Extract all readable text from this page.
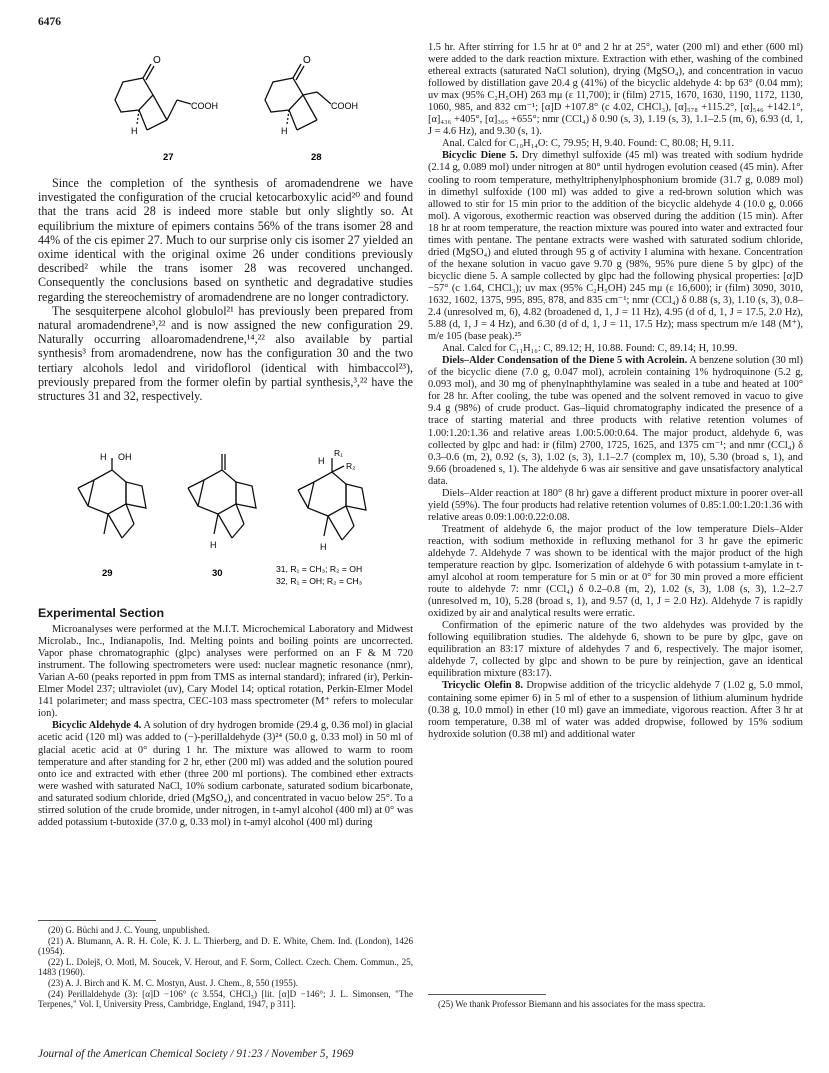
6476
O
COOH
H
27
O
COOH
H
28

Since the completion of the synthesis of aromadendrene we have investigated the configuration of the crucial ketocarboxylic acid²⁰ and found that the trans acid 28 is indeed more stable but only slightly so. At equilibrium the mixture of epimers contains 56% of the trans isomer 28 and 44% of the cis epimer 27. Much to our surprise only cis isomer 27 yielded an oxime identical with the original oxime 26 under conditions previously described² while the trans isomer 28 was recovered unchanged. Consequently the conclusions based on synthetic and degradative studies regarding the stereochemistry of aromadendrene are no longer contradictory.

The sesquiterpene alcohol globulol²¹ has previously been prepared from natural aromadendrene³,²² and is now assigned the new configuration 29. Naturally occurring alloaromadendrene,¹⁴,²² also available by partial synthesis³ from aromadendrene, now has the configuration 30 and the two tertiary alcohols ledol and viridoflorol (identical with himbaccol²³), previously prepared from the former olefin by partial synthesis,³,²² have the structures 31 and 32, respectively.

H OH
29
H
30
H
R₁
R₂
H
31, R₁ = CH₃; R₂ = OH
32, R₁ = OH; R₂ = CH₃
Experimental Section

Microanalyses were performed at the M.I.T. Microchemical Laboratory and Midwest Microlab., Inc., Indianapolis, Ind. Melting points and boiling points are uncorrected. Vapor phase chromatographic (glpc) analyses were performed on an F & M 720 instrument. The following spectrometers were used: nuclear magnetic resonance (nmr), Varian A-60 (peaks reported in ppm from TMS as internal standard); infrared (ir), Perkin-Elmer Model 237; ultraviolet (uv), Cary Model 14; optical rotation, Perkin-Elmer Model 141 polarimeter; and mass spectra, CEC-103 mass spectrometer (M⁺ refers to molecular ion).

Bicyclic Aldehyde 4. A solution of dry hydrogen bromide (29.4 g, 0.36 mol) in glacial acetic acid (120 ml) was added to (−)-perillaldehyde (3)²⁴ (50.0 g, 0.33 mol) in 50 ml of glacial acetic acid at 0° during 1 hr. The mixture was allowed to warm to room temperature and after standing for 2 hr, ether (200 ml) was added and the solution poured onto ice and extracted with ether (three 200 ml portions). The combined ether extracts were washed with saturated NaCl, 10% sodium carbonate, saturated sodium bicarbonate, and saturated sodium chloride, dried (MgSO₄), and concentrated in vacuo below 25°. To a stirred solution of the crude bromide, under nitrogen, in t-amyl alcohol (400 ml) at 0° was added potassium t-butoxide (37.0 g, 0.33 mol) in t-amyl alcohol (400 ml) during

(20) G. Büchi and J. C. Young, unpublished.

(21) A. Blumann, A. R. H. Cole, K. J. L. Thierberg, and D. E. White, Chem. Ind. (London), 1426 (1954).

(22) L. Doleјš, O. Motl, M. Soucek, V. Herout, and F. Sorm, Collect. Czech. Chem. Commun., 25, 1483 (1960).

(23) A. J. Birch and K. M. C. Mostyn, Aust. J. Chem., 8, 550 (1955).

(24) Perillaldehyde (3): [α]D −106° (c 3.554, CHCl₃) [lit. [α]D −146°; J. L. Simonsen, "The Terpenes," Vol. I, University Press, Cambridge, England, 1947, p 311].

1.5 hr. After stirring for 1.5 hr at 0° and 2 hr at 25°, water (200 ml) and ether (600 ml) were added to the dark reaction mixture. Extraction with ether, washing of the combined ethereal extracts (saturated NaCl solution), drying (MgSO₄), and concentration in vacuo followed by distillation gave 20.4 g (41%) of the bicyclic aldehyde 4: bp 63° (0.04 mm); uv max (95% C₂H₅OH) 263 mμ (ε 11,700); ir (film) 2715, 1670, 1630, 1190, 1172, 1130, 1060, 985, and 832 cm⁻¹; [α]D +107.8° (c 4.02, CHCl₃), [α]₅₇₈ +115.2°, [α]₅₄₆ +142.1°, [α]₄₃₆ +405°, [α]₃₆₅ +655°; nmr (CCl₄) δ 0.90 (s, 3), 1.19 (s, 3), 1.1–2.5 (m, 6), 6.93 (d, 1, J = 4.6 Hz), and 9.30 (s, 1).

Anal. Calcd for C₁₀H₁₄O: C, 79.95; H, 9.40. Found: C, 80.08; H, 9.11.

Bicyclic Diene 5. Dry dimethyl sulfoxide (45 ml) was treated with sodium hydride (2.14 g, 0.089 mol) under nitrogen at 80° until hydrogen evolution ceased (45 min). After cooling to room temperature, methyltriphenylphosphonium bromide (31.7 g, 0.089 mol) in dimethyl sulfoxide (100 ml) was added to give a red-brown solution which was allowed to stir for 15 min prior to the addition of the bicyclic aldehyde 4 (10.0 g, 0.066 mol). A vigorous, exothermic reaction was observed during the addition (15 min). After 18 hr at room temperature, the reaction mixture was poured into water and extracted four times with pentane. The pentane extracts were washed with saturated sodium chloride, dried (MgSO₄) and eluted through 95 g of activity I alumina with hexane. Concentration of the hexane solution in vacuo gave 9.70 g (98%, 95% pure diene 5 by glpc) of the bicyclic diene 5. A sample collected by glpc had the following physical properties: [α]D −57° (c 1.64, CHCl₃); uv max (95% C₂H₅OH) 245 mμ (ε 16,600); ir (film) 3090, 3010, 1632, 1602, 1375, 995, 895, 878, and 835 cm⁻¹; nmr (CCl₄) δ 0.88 (s, 3), 1.10 (s, 3), 0.8–2.4 (unresolved m, 6), 4.82 (broadened d, 1, J = 11 Hz), 4.95 (d of d, 1, J = 17.5, 2.0 Hz), 5.88 (d, 1, J = 4 Hz), and 6.30 (d of d, 1, J = 11, 17.5 Hz); mass spectrum m/e 148 (M⁺), m/e 105 (base peak).²⁵

Anal. Calcd for C₁₁H₁₆: C, 89.12; H, 10.88. Found: C, 89.14; H, 10.99.

Diels–Alder Condensation of the Diene 5 with Acrolein. A benzene solution (30 ml) of the bicyclic diene (7.0 g, 0.047 mol), acrolein containing 1% hydroquinone (5.2 g, 0.093 mol), and 30 mg of phenylnaphthylamine was sealed in a tube and heated at 100° for 28 hr. After cooling, the tube was opened and the solvent removed in vacuo to give 9.4 g (98%) of crude product. Gas–liquid chromatography indicated the presence of a trace of starting material and three products with relative retention volumes of 1.00:1.20:1.36 and relative areas 1.00:5.00:0.64. The major product, aldehyde 6, was collected by glpc and had: ir (film) 2700, 1725, 1625, and 1375 cm⁻¹; and nmr (CCl₄) δ 0.3–0.6 (m, 2), 0.92 (s, 3), 1.02 (s, 3), 1.1–2.7 (complex m, 10), 5.30 (broad s, 1), and 9.66 (broadened s, 1). The aldehyde 6 was air sensitive and gave unsatisfactory analytical data.

Diels–Alder reaction at 180° (8 hr) gave a different product mixture in poorer over-all yield (59%). The four products had relative retention volumes of 0.85:1.00:1.20:1.36 with relative areas 0.09:1.00:0.22:0.08.

Treatment of aldehyde 6, the major product of the low temperature Diels–Alder reaction, with sodium methoxide in refluxing methanol for 3 hr gave the epimeric aldehyde 7. Aldehyde 7 was shown to be identical with the major product of the high temperature reaction by glpc. Isomerization of aldehyde 6 with potassium t-amylate in t-amyl alcohol at room temperature for 5 min or at 0° for 30 min proved a more efficient route to aldehyde 7: nmr (CCl₄) δ 0.2–0.8 (m, 2), 1.02 (s, 3), 1.08 (s, 3), 1.2–2.7 (unresolved m, 10), 5.28 (broad s, 1), and 9.57 (d, 1, J = 2.0 Hz). Aldehyde 7 is rapidly oxidized by air and analytical results were erratic.

Confirmation of the epimeric nature of the two aldehydes was provided by the following equilibration studies. The aldehyde 6, shown to be pure by glpc, gave on equilibration an 83:17 mixture of aldehydes 7 and 6, respectively. The major isomer, aldehyde 7, collected by glpc and shown to be pure by reinjection, gave an identical equilibration mixture (83:17).

Tricyclic Olefin 8. Dropwise addition of the tricyclic aldehyde 7 (1.02 g, 5.0 mmol, containing some epimer 6) in 5 ml of ether to a suspension of lithium aluminum hydride (0.38 g, 10.0 mmol) in ether (10 ml) gave an immediate, vigorous reaction. After 3 hr at room temperature, 0.38 ml of water was added dropwise, followed by 15% sodium hydroxide solution (0.38 ml) and additional water

(25) We thank Professor Biemann and his associates for the mass spectra.

Journal of the American Chemical Society / 91:23 / November 5, 1969
